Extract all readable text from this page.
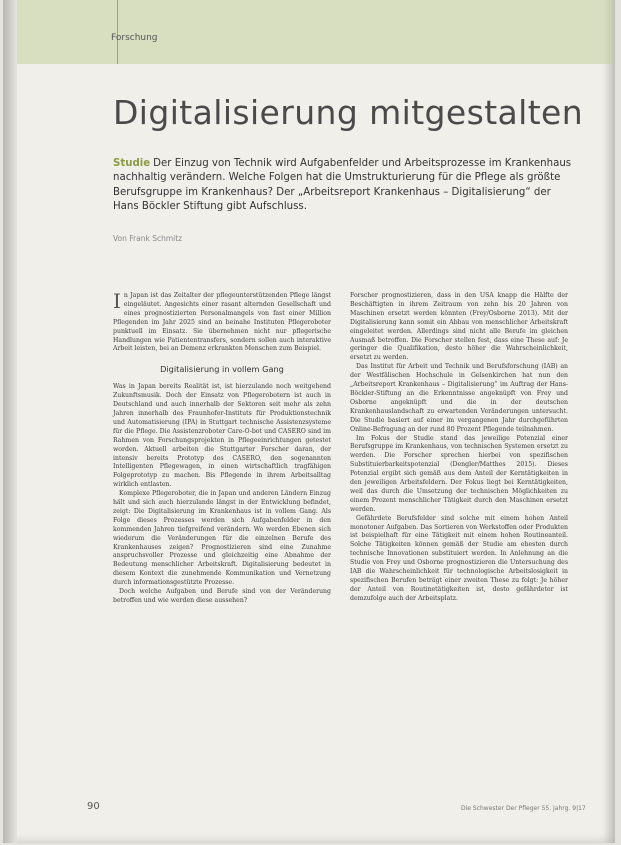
Forschung
Digitalisierung mitgestalten
Studie Der Einzug von Technik wird Aufgabenfelder und Arbeitsprozesse im Krankenhaus nachhaltig verändern. Welche Folgen hat die Umstrukturierung für die Pflege als größte Berufsgruppe im Krankenhaus? Der „Arbeitsreport Krankenhaus – Digitalisierung“ der Hans Böckler Stiftung gibt Aufschluss.
Von Frank Schmitz

In Japan ist das Zeitalter der pflegeunterstützenden Pflege längst eingeläutet. Angesichts einer rasant alternden Gesellschaft und eines prognostizierten Personalmangels von fast einer Million Pflegenden im Jahr 2025 sind an beinahe Instituten Pflegeroboter punktuell im Einsatz. Sie übernehmen nicht nur pflegerische Handlungen wie Patiententransfers, sondern sollen auch interaktive Arbeit leisten, bei an Demenz erkrankten Menschen zum Beispiel.

Digitalisierung in vollem Gang

Was in Japan bereits Realität ist, ist hierzulande noch weitgehend Zukunftsmusik. Doch der Einsatz von Pflegerobotern ist auch in Deutschland und auch innerhalb der Sektoren seit mehr als zehn Jahren innerhalb des Fraunhofer-Instituts für Produktionstechnik und Automatisierung (IPA) in Stuttgart technische Assistenzsysteme für die Pflege. Die Assistenzroboter Care-O-bot und CASERO sind im Rahmen von Forschungsprojekten in Pflegeeinrichtungen getestet worden. Aktuell arbeiten die Stuttgarter Forscher daran, der intensiv bereits Prototyp des CASERO, den sogenannten Intelligenten Pflegewagen, in einen wirtschaftlich tragfähigen Folgeprototyp zu machen. Bis Pflegende in ihrem Arbeitsalltag wirklich entlasten.

Komplexe Pflegeroboter, die in Japan und anderen Ländern Einzug hält und sich auch hierzulande längst in der Entwicklung befindet, zeigt: Die Digitalisierung im Krankenhaus ist in vollem Gang. Als Folge dieses Prozesses werden sich Aufgabenfelder in den kommenden Jahren tiefgreifend verändern. Wo werden Ebenen sich wiederum die Veränderungen für die einzelnen Berufe des Krankenhauses zeigen? Prognostizieren sind eine Zunahme anspruchsvoller Prozesse und gleichzeitig eine Abnahme der Bedeutung menschlicher Arbeitskraft. Digitalisierung bedeutet in diesem Kontext die zunehmende Kommunikation und Vernetzung durch informationsgestützte Prozesse.

Doch welche Aufgaben und Berufe sind von der Veränderung betroffen und wie werden diese aussehen?

Forscher prognostizieren, dass in den USA knapp die Hälfte der Beschäftigten in ihrem Zeitraum von zehn bis 20 Jahren von Maschinen ersetzt werden könnten (Frey/Osborne 2013). Mit der Digitalisierung kann somit ein Abbau von menschlicher Arbeitskraft eingeleitet werden. Allerdings sind nicht alle Berufe im gleichen Ausmaß betroffen. Die Forscher stellen fest, dass eine These auf: Je geringer die Qualifikation, desto höher die Wahrscheinlichkeit, ersetzt zu werden.

Das Institut für Arbeit und Technik und Berufsforschung (IAB) an der Westfälischen Hochschule in Gelsenkirchen hat nun den „Arbeitsreport Krankenhaus – Digitalisierung“ im Auftrag der Hans-Böckler-Stiftung an die Erkenntnisse angeknüpft von Frey und Osborne angeknüpft und die in der deutschen Krankenhauslandschaft zu erwartenden Veränderungen untersucht. Die Studie basiert auf einer im vergangenen Jahr durchgeführten Online-Befragung an der rund 80 Prozent Pflegende teilnahmen.

Im Fokus der Studie stand das jeweilige Potenzial einer Berufsgruppe im Krankenhaus, von technischen Systemen ersetzt zu werden. Die Forscher sprechen hierbei von spezifischen Substituierbarkeitspotenzial (Dengler/Matthes 2015). Dieses Potenzial ergibt sich gemäß aus dem Anteil der Kerntätigkeiten in den jeweiligen Arbeitsfeldern. Der Fokus liegt bei Kerntätigkeiten, weil das durch die Umsetzung der technischen Möglichkeiten zu einem Prozent menschlicher Tätigkeit durch den Maschinen ersetzt werden.

Gefährdete Berufsfelder sind solche mit einem hohen Anteil monotoner Aufgaben. Das Sortieren von Werkstoffen oder Produkten ist beispielhaft für eine Tätigkeit mit einem hohen Routineanteil. Solche Tätigkeiten können gemäß der Studie am ehesten durch technische Innovationen substituiert werden. In Anlehnung an die Studie von Frey und Osborne prognostizieren die Untersuchung des IAB die Wahrscheinlichkeit für technologische Arbeitslosigkeit in spezifischen Berufen beträgt einer zweiten These zu folgt: Je höher der Anteil von Routinetätigkeiten ist, desto gefährdeter ist demzufolge auch der Arbeitsplatz.

90	Die Schwester Der Pfleger 55. Jahrg. 9|17
